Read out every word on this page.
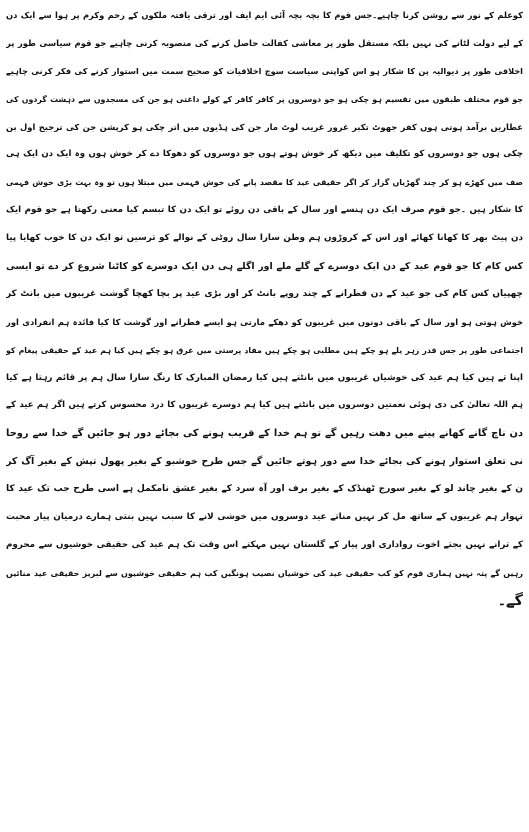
کوعلم کے نور سے روشن کرنا چاہیے۔جس قوم کا بچہ بچہ آئی ایم ایف اور ترقی یافتہ ملکوں کے رحم وکرم پر ہوا سے ایک دن
کے لیے دولت لٹانے کی نہیں بلکہ مستقل طور پر معاشی کفالت حاصل کرنے کی منصوبہ کرنی چاہیے جو قوم سیاسی طور پر
اخلاقی طور پر دیوالیہ پن کا شکار ہو اس کواپنی سیاست سوچ اخلاقیات کو صحیح سمت میں استوار کرنے کی فکر کرنی چاہیے
جو قوم مختلف طبقوں میں تقسیم ہو چکی ہو جو دوسروں پر کافر کافر کے کولے داغتی ہو جن کی مسجدوں سے دہشت گردوں کی
عطاریں برآمد ہوتی ہوں کفر جھوٹ تکبر غرور غریب لوٹ مار جن کی ہڈیوں میں اتر چکی ہو کرپشن جن کی ترجیح اول بن
چکی ہوں جو دوسروں کو تکلیف میں دیکھ کر خوش ہوتے ہوں جو دوسروں کو دھوکا دے کر خوش ہوں وہ ایک دن ایک ہی
صف میں کھڑے ہو کر چند گھڑیاں گزار کر اگر حقیقی عید کا مقصد پانے کی خوش فہمی میں مبتلا ہوں تو وہ بہت بڑی خوش فہمی
کا شکار ہیں ۔جو قوم صرف ایک دن ہنسے اور سال کے باقی دن روئے تو ایک دن کا تبسم کیا معنی رکھتا ہے جو قوم ایک
دن پیٹ بھر کا کھانا کھائے اور اس کے کروڑوں ہم وطن سارا سال روٹی کے نوالے کو ترسیں تو ایک دن کا خوب کھایا پیا
کس کام کا جو قوم عید کے دن ایک دوسرے کے گلے ملے اور اگلے ہی دن ایک دوسرے کو کاٹنا شروع کر دے تو ایسی
چھپیاں کس کام کی جو عید کے دن فطرانے کے چند روپے بانٹ کر اور بڑی عید پر بچا کھچا گوشت غریبوں میں بانٹ کر
خوش ہوتی ہو اور سال کے باقی دونوں میں غریبوں کو دھکے مارتی ہو ایسے فطرانے اور گوشت کا کیا فائدہ ہم انفرادی اور
اجتماعی طور پر جس قدر زہر یلے ہو چکے ہیں مطلبی ہو چکے ہیں مفاد پرستی میں غرق ہو چکے ہیں کیا ہم عید کے حقیقی پیغام کو
اپنا تے ہیں کیا ہم عید کی خوشیاں غریبوں میں بانٹتے ہیں کیا رمضان المبارک کا رنگ سارا سال ہم پر قائم رہتا ہے کیا
ہم اللہ تعالیٰ کی دی ہوئی نعمتیں دوسروں میں بانٹتے ہیں کیا ہم دوسرے غریبوں کا درد محسوس کرتے ہیں اگر ہم عید کے
دن ناچ گانے کھانے پینے میں دھت رہیں گے تو ہم خدا کے قریب ہونے کی بجائے دور ہو جائیں گے خدا سے روحا
نی تعلق استوار ہونے کی بجائے خدا سے دور ہوتے جائیں گے جس طرح خوشبو کے بغیر پھول تپش کے بغیر آگ کر
ن کے بغیر چاند لو کے بغیر سورج ٹھنڈک کے بغیر برف اور آہ سرد کے بغیر عشق نامکمل ہے اسی طرح جب تک عید کا
تہوار ہم غریبوں کے ساتھ مل کر نہیں مناتے عید دوسروں میں خوشی لانے کا سبب نہیں بنتی ہمارے درمیان پیار محبت
کے ترانے نہیں بجتے اخوت رواداری اور پیار کے گلستان نہیں مہکتے اس وقت تک ہم عید کی حقیقی خوشیوں سے محروم
رہیں گے پتہ نہیں ہماری قوم کو کب حقیقی عید کی خوشیاں نصیب ہونگیں کب ہم حقیقی خوشیوں سے لبریز حقیقی عید منائیں
گے۔
